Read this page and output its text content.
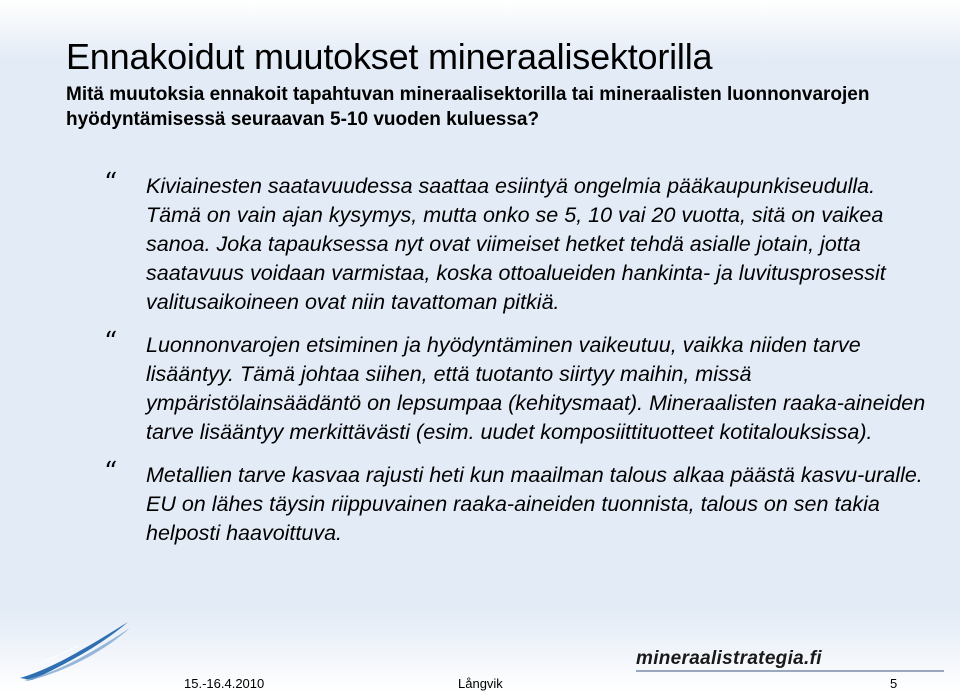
Ennakoidut muutokset mineraalisektorilla

Mitä muutoksia ennakoit tapahtuvan mineraalisektorilla tai mineraalisten luonnonvarojen hyödyntämisessä seuraavan 5-10 vuoden kuluessa?

“ Kiviainesten saatavuudessa saattaa esiintyä ongelmia pääkaupunkiseudulla. Tämä on vain ajan kysymys, mutta onko se 5, 10 vai 20 vuotta, sitä on vaikea sanoa. Joka tapauksessa nyt ovat viimeiset hetket tehdä asialle jotain, jotta saatavuus voidaan varmistaa, koska ottoalueiden hankinta- ja luvitusprosessit valitusaikoineen ovat niin tavattoman pitkiä.
“ Luonnonvarojen etsiminen ja hyödyntäminen vaikeutuu, vaikka niiden tarve lisääntyy. Tämä johtaa siihen, että tuotanto siirtyy maihin, missä ympäristölainsäädäntö on lepsumpaa (kehitysmaat). Mineraalisten raaka-aineiden tarve lisääntyy merkittävästi (esim. uudet komposiittituotteet kotitalouksissa).
“ Metallien tarve kasvaa rajusti heti kun maailman talous alkaa päästä kasvu-uralle. EU on lähes täysin riippuvainen raaka-aineiden tuonnista, talous on sen takia helposti haavoittuva.
mineraalistrategia.fi
15.-16.4.2010	Långvik	5
